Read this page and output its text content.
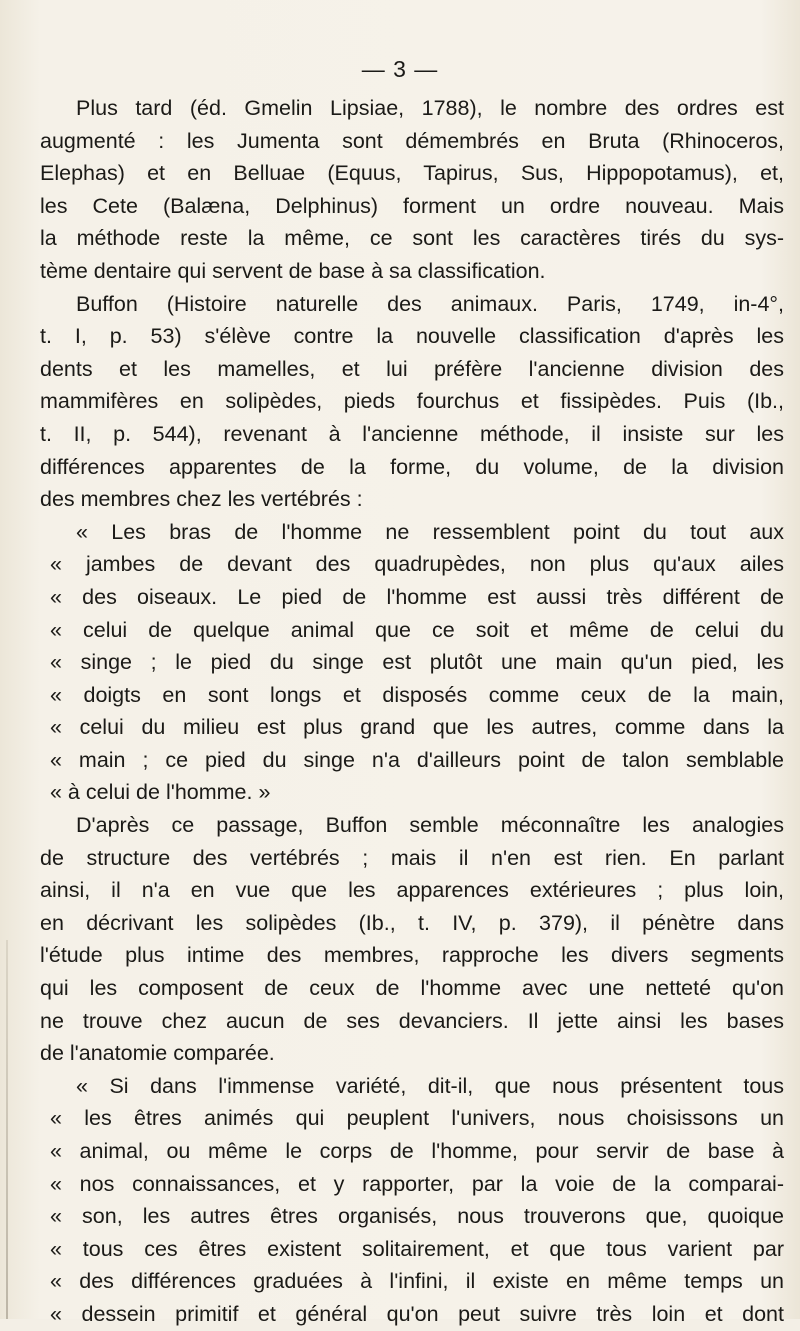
— 3 —
Plus tard (éd. Gmelin Lipsiae, 1788), le nombre des ordres est
augmenté : les Jumenta sont démembrés en Bruta (Rhinoceros,
Elephas) et en Belluae (Equus, Tapirus, Sus, Hippopotamus), et,
les Cete (Balæna, Delphinus) forment un ordre nouveau. Mais
la méthode reste la même, ce sont les caractères tirés du sys-
tème dentaire qui servent de base à sa classification.
Buffon (Histoire naturelle des animaux. Paris, 1749, in-4°,
t. I, p. 53) s'élève contre la nouvelle classification d'après les
dents et les mamelles, et lui préfère l'ancienne division des
mammifères en solipèdes, pieds fourchus et fissipèdes. Puis (Ib.,
t. II, p. 544), revenant à l'ancienne méthode, il insiste sur les
différences apparentes de la forme, du volume, de la division
des membres chez les vertébrés :
« Les bras de l'homme ne ressemblent point du tout aux
« jambes de devant des quadrupèdes, non plus qu'aux ailes
« des oiseaux. Le pied de l'homme est aussi très différent de
« celui de quelque animal que ce soit et même de celui du
« singe ; le pied du singe est plutôt une main qu'un pied, les
« doigts en sont longs et disposés comme ceux de la main,
« celui du milieu est plus grand que les autres, comme dans la
« main ; ce pied du singe n'a d'ailleurs point de talon semblable
« à celui de l'homme. »
D'après ce passage, Buffon semble méconnaître les analogies
de structure des vertébrés ; mais il n'en est rien. En parlant
ainsi, il n'a en vue que les apparences extérieures ; plus loin,
en décrivant les solipèdes (Ib., t. IV, p. 379), il pénètre dans
l'étude plus intime des membres, rapproche les divers segments
qui les composent de ceux de l'homme avec une netteté qu'on
ne trouve chez aucun de ses devanciers. Il jette ainsi les bases
de l'anatomie comparée.
« Si dans l'immense variété, dit-il, que nous présentent tous
« les êtres animés qui peuplent l'univers, nous choisissons un
« animal, ou même le corps de l'homme, pour servir de base à
« nos connaissances, et y rapporter, par la voie de la comparai-
« son, les autres êtres organisés, nous trouverons que, quoique
« tous ces êtres existent solitairement, et que tous varient par
« des différences graduées à l'infini, il existe en même temps un
« dessein primitif et général qu'on peut suivre très loin et dont
